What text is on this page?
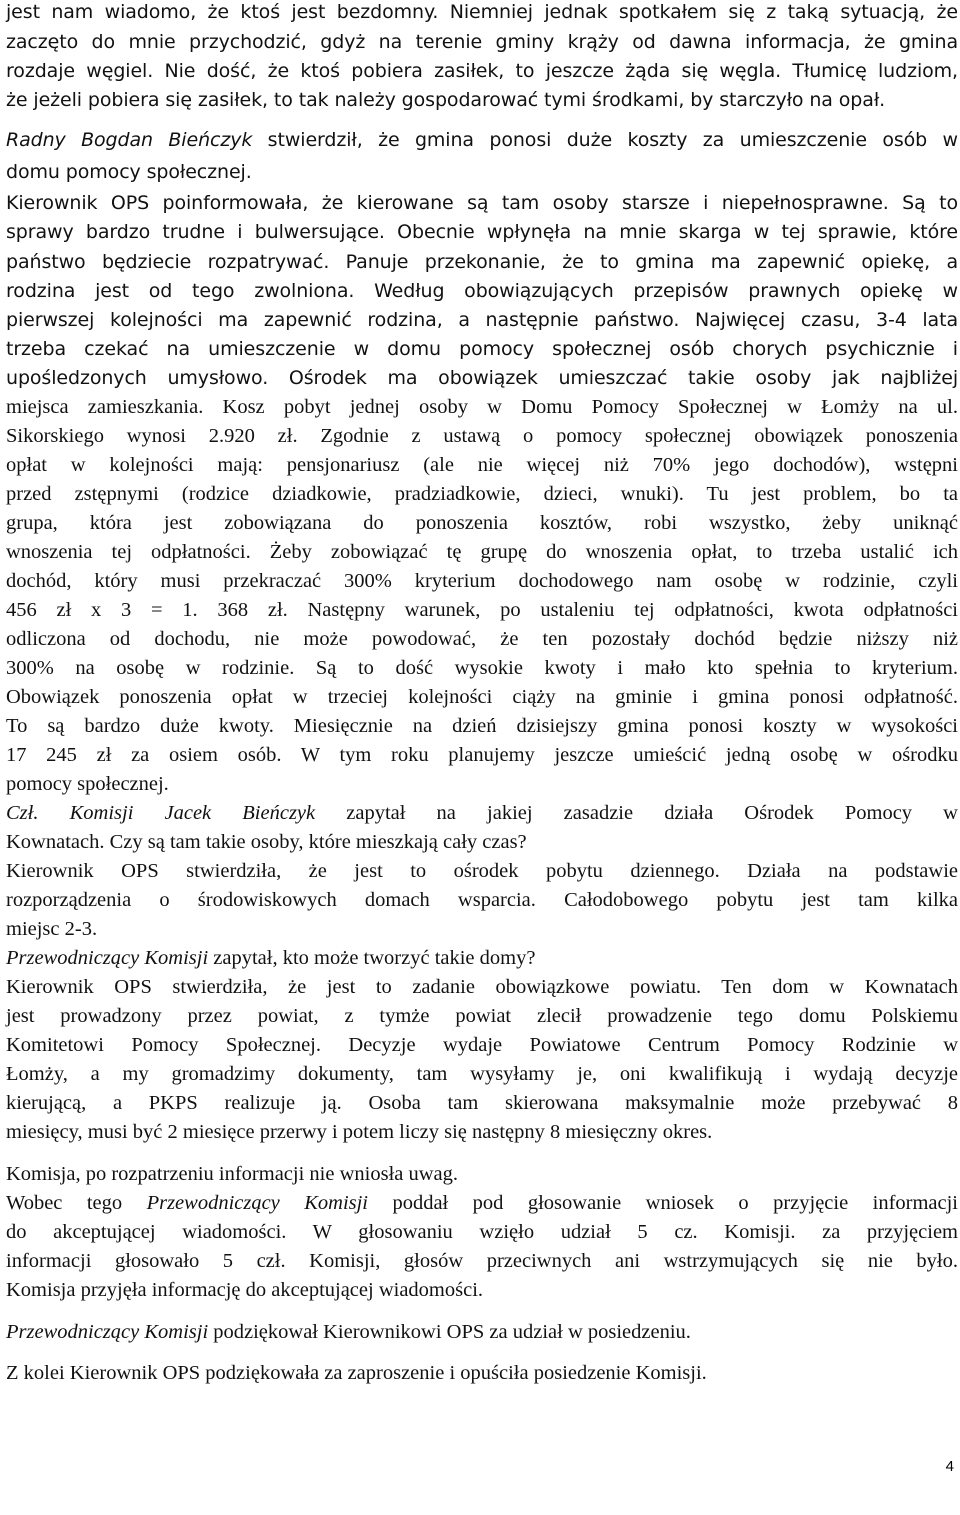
jest nam wiadomo, że ktoś jest bezdomny. Niemniej jednak spotkałem się z taką sytuacją, że
zaczęto do mnie przychodzić, gdyż na terenie gminy krąży od dawna informacja, że gmina
rozdaje węgiel. Nie dość, że ktoś pobiera zasiłek, to jeszcze żąda się węgla. Tłumicę ludziom,
że jeżeli pobiera się zasiłek, to tak należy gospodarować tymi środkami, by starczyło na opał.
Radny Bogdan Bieńczyk stwierdził, że gmina ponosi duże koszty za umieszczenie osób w
domu pomocy społecznej.
Kierownik OPS poinformowała, że kierowane są tam osoby starsze i niepełnosprawne. Są to
sprawy bardzo trudne i bulwersujące. Obecnie wpłynęła na mnie skarga w tej sprawie, które
państwo będziecie rozpatrywać. Panuje przekonanie, że to gmina ma zapewnić opiekę, a
rodzina jest od tego zwolniona. Według obowiązujących przepisów prawnych opiekę w
pierwszej kolejności ma zapewnić rodzina, a następnie państwo. Najwięcej czasu, 3-4 lata
trzeba czekać na umieszczenie w domu pomocy społecznej osób chorych psychicznie i
upośledzonych umysłowo. Ośrodek ma obowiązek umieszczać takie osoby jak najbliżej
miejsca zamieszkania. Kosz pobyt jednej osoby w Domu Pomocy Społecznej w Łomży na ul.
Sikorskiego wynosi 2.920 zł. Zgodnie z ustawą o pomocy społecznej obowiązek ponoszenia
opłat w kolejności mają: pensjonariusz (ale nie więcej niż 70% jego dochodów), wstępni
przed zstępnymi (rodzice dziadkowie, pradziadkowie, dzieci, wnuki). Tu jest problem, bo ta
grupa, która jest zobowiązana do ponoszenia kosztów, robi wszystko, żeby uniknąć
wnoszenia tej odpłatności. Żeby zobowiązać tę grupę do wnoszenia opłat, to trzeba ustalić ich
dochód, który musi przekraczać 300% kryterium dochodowego nam osobę w rodzinie, czyli
456 zł x 3 = 1. 368 zł. Następny warunek, po ustaleniu tej odpłatności, kwota odpłatności
odliczona od dochodu, nie może powodować, że ten pozostały dochód będzie niższy niż
300% na osobę w rodzinie. Są to dość wysokie kwoty i mało kto spełnia to kryterium.
Obowiązek ponoszenia opłat w trzeciej kolejności ciąży na gminie i gmina ponosi odpłatność.
To są bardzo duże kwoty. Miesięcznie na dzień dzisiejszy gmina ponosi koszty w wysokości
17 245 zł za osiem osób. W tym roku planujemy jeszcze umieścić jedną osobę w ośrodku
pomocy społecznej.
Czł. Komisji Jacek Bieńczyk zapytał na jakiej zasadzie działa Ośrodek Pomocy w
Kownatach. Czy są tam takie osoby, które mieszkają cały czas?
Kierownik OPS stwierdziła, że jest to ośrodek pobytu dziennego. Działa na podstawie
rozporządzenia o środowiskowych domach wsparcia. Całodobowego pobytu jest tam kilka
miejsc 2-3.
Przewodniczący Komisji zapytał, kto może tworzyć takie domy?
Kierownik OPS stwierdziła, że jest to zadanie obowiązkowe powiatu. Ten dom w Kownatach
jest prowadzony przez powiat, z tymże powiat zlecił prowadzenie tego domu Polskiemu
Komitetowi Pomocy Społecznej. Decyzje wydaje Powiatowe Centrum Pomocy Rodzinie w
Łomży, a my gromadzimy dokumenty, tam wysyłamy je, oni kwalifikują i wydają decyzje
kierującą, a PKPS realizuje ją. Osoba tam skierowana maksymalnie może przebywać 8
miesięcy, musi być 2 miesięce przerwy i potem liczy się następny 8 miesięczny okres.
Komisja, po rozpatrzeniu informacji nie wniosła uwag.
Wobec tego Przewodniczący Komisji poddał pod głosowanie wniosek o przyjęcie informacji
do akceptującej wiadomości. W głosowaniu wzięło udział 5 cz. Komisji. za przyjęciem
informacji głosowało 5 czł. Komisji, głosów przeciwnych ani wstrzymujących się nie było.
Komisja przyjęła informację do akceptującej wiadomości.
Przewodniczący Komisji podziękował Kierownikowi OPS za udział w posiedzeniu.
Z kolei Kierownik OPS podziękowała za zaproszenie i opuściła posiedzenie Komisji.
4
